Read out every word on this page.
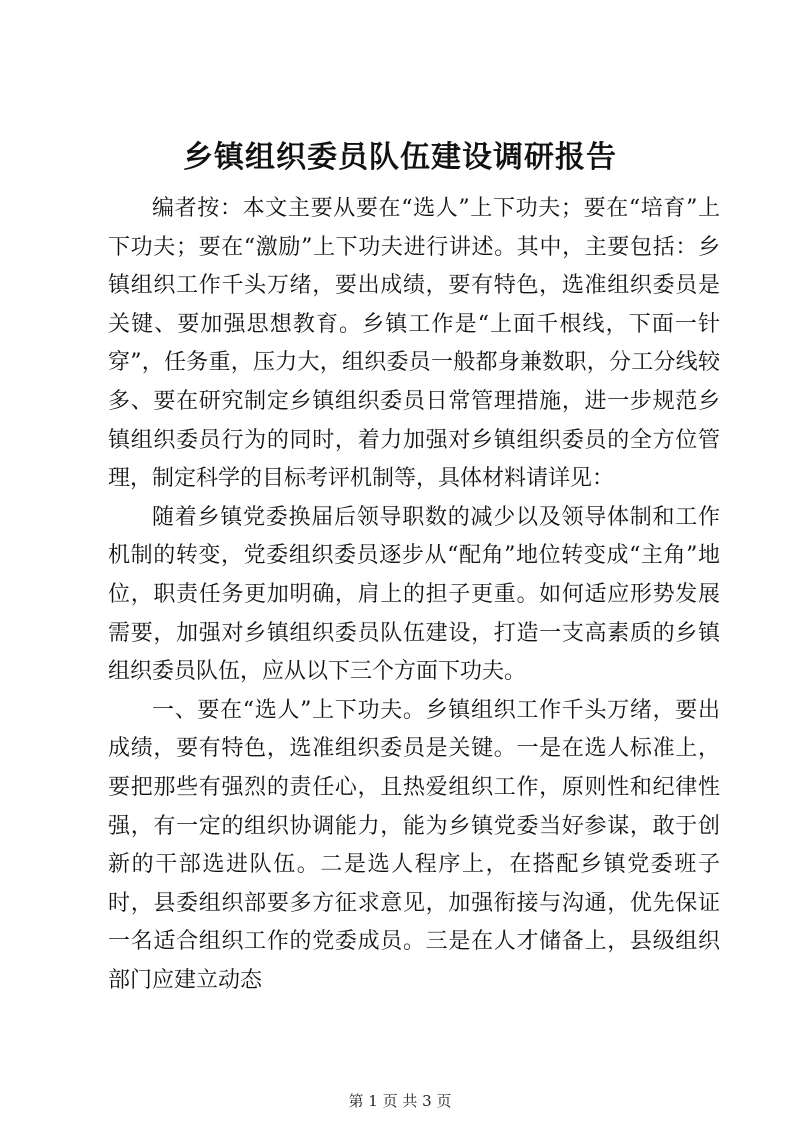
乡镇组织委员队伍建设调研报告

编者按：本文主要从要在“选人”上下功夫；要在“培育”上下功夫；要在“激励”上下功夫进行讲述。其中，主要包括：乡镇组织工作千头万绪，要出成绩，要有特色，选准组织委员是关键、要加强思想教育。乡镇工作是“上面千根线，下面一针穿”，任务重，压力大，组织委员一般都身兼数职，分工分线较多、要在研究制定乡镇组织委员日常管理措施，进一步规范乡镇组织委员行为的同时，着力加强对乡镇组织委员的全方位管理，制定科学的目标考评机制等，具体材料请详见：

随着乡镇党委换届后领导职数的减少以及领导体制和工作机制的转变，党委组织委员逐步从“配角”地位转变成“主角”地位，职责任务更加明确，肩上的担子更重。如何适应形势发展需要，加强对乡镇组织委员队伍建设，打造一支高素质的乡镇组织委员队伍，应从以下三个方面下功夫。

一、要在“选人”上下功夫。乡镇组织工作千头万绪，要出成绩，要有特色，选准组织委员是关键。一是在选人标准上，要把那些有强烈的责任心，且热爱组织工作，原则性和纪律性强，有一定的组织协调能力，能为乡镇党委当好参谋，敢于创新的干部选进队伍。二是选人程序上，在搭配乡镇党委班子时，县委组织部要多方征求意见，加强衔接与沟通，优先保证一名适合组织工作的党委成员。三是在人才储备上，县级组织部门应建立动态

第 1 页 共 3 页
